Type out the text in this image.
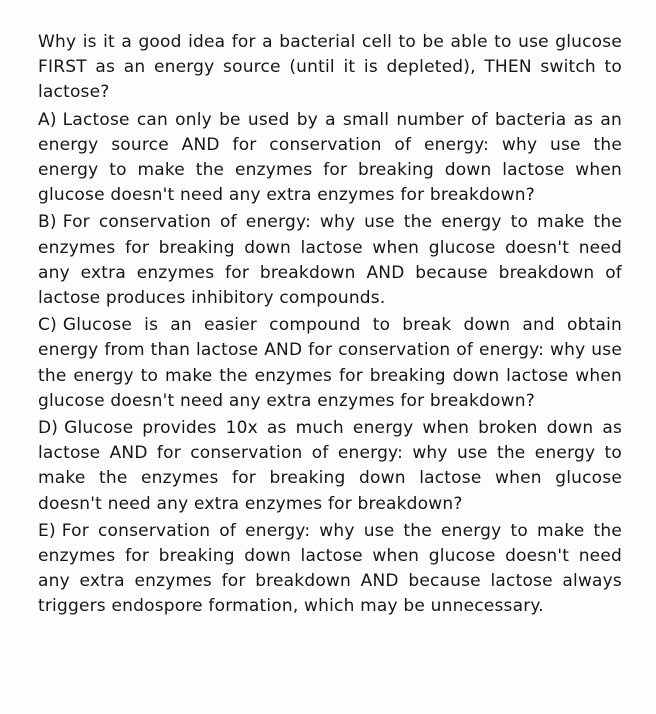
Why is it a good idea for a bacterial cell to be able to use glucose FIRST as an energy source (until it is depleted), THEN switch to lactose?

A) Lactose can only be used by a small number of bacteria as an energy source AND for conservation of energy: why use the energy to make the enzymes for breaking down lactose when glucose doesn't need any extra enzymes for breakdown?

B) For conservation of energy: why use the energy to make the enzymes for breaking down lactose when glucose doesn't need any extra enzymes for breakdown AND because breakdown of lactose produces inhibitory compounds.

C) Glucose is an easier compound to break down and obtain energy from than lactose AND for conservation of energy: why use the energy to make the enzymes for breaking down lactose when glucose doesn't need any extra enzymes for breakdown?

D) Glucose provides 10x as much energy when broken down as lactose AND for conservation of energy: why use the energy to make the enzymes for breaking down lactose when glucose doesn't need any extra enzymes for breakdown?

E) For conservation of energy: why use the energy to make the enzymes for breaking down lactose when glucose doesn't need any extra enzymes for breakdown AND because lactose always triggers endospore formation, which may be unnecessary.
